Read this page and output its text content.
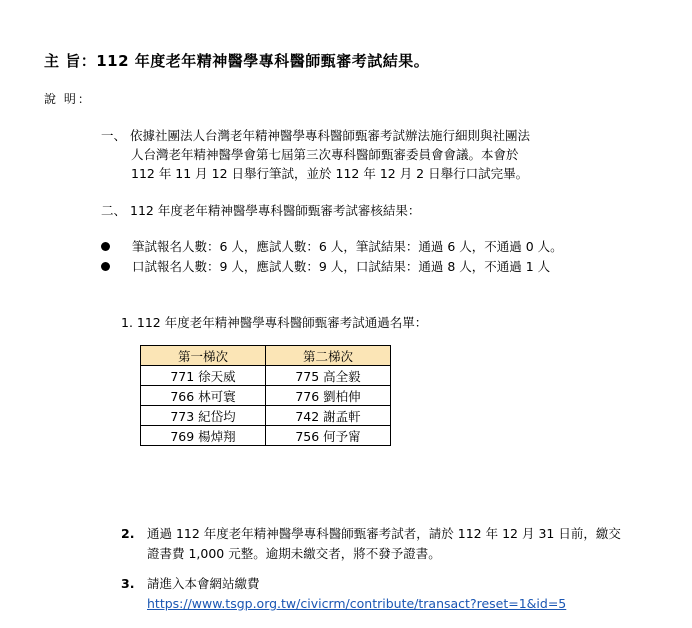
主 旨：112 年度老年精神醫學專科醫師甄審考試結果。
說 明：
一、 依據社團法人台灣老年精神醫學專科醫師甄審考試辦法施行細則與社團法
人台灣老年精神醫學會第七屆第三次專科醫師甄審委員會會議。本會於
112 年 11 月 12 日舉行筆試，並於 112 年 12 月 2 日舉行口試完畢。
二、 112 年度老年精神醫學專科醫師甄審考試審核結果：
筆試報名人數：6 人，應試人數：6 人，筆試結果：通過 6 人，不通過 0 人。
口試報名人數：9 人，應試人數：9 人，口試結果：通過 8 人，不通過 1 人
1. 112 年度老年精神醫學專科醫師甄審考試通過名單：
第一梯次	第二梯次
771 徐天威	775 高全毅
766 林可寰	776 劉柏伸
773 紀岱均	742 謝孟軒
769 楊焯翔	756 何予甯
2. 通過 112 年度老年精神醫學專科醫師甄審考試者，請於 112 年 12 月 31 日前，繳交
證書費 1,000 元整。逾期未繳交者，將不發予證書。
3. 請進入本會網站繳費
https://www.tsgp.org.tw/civicrm/contribute/transact?reset=1&id=5
